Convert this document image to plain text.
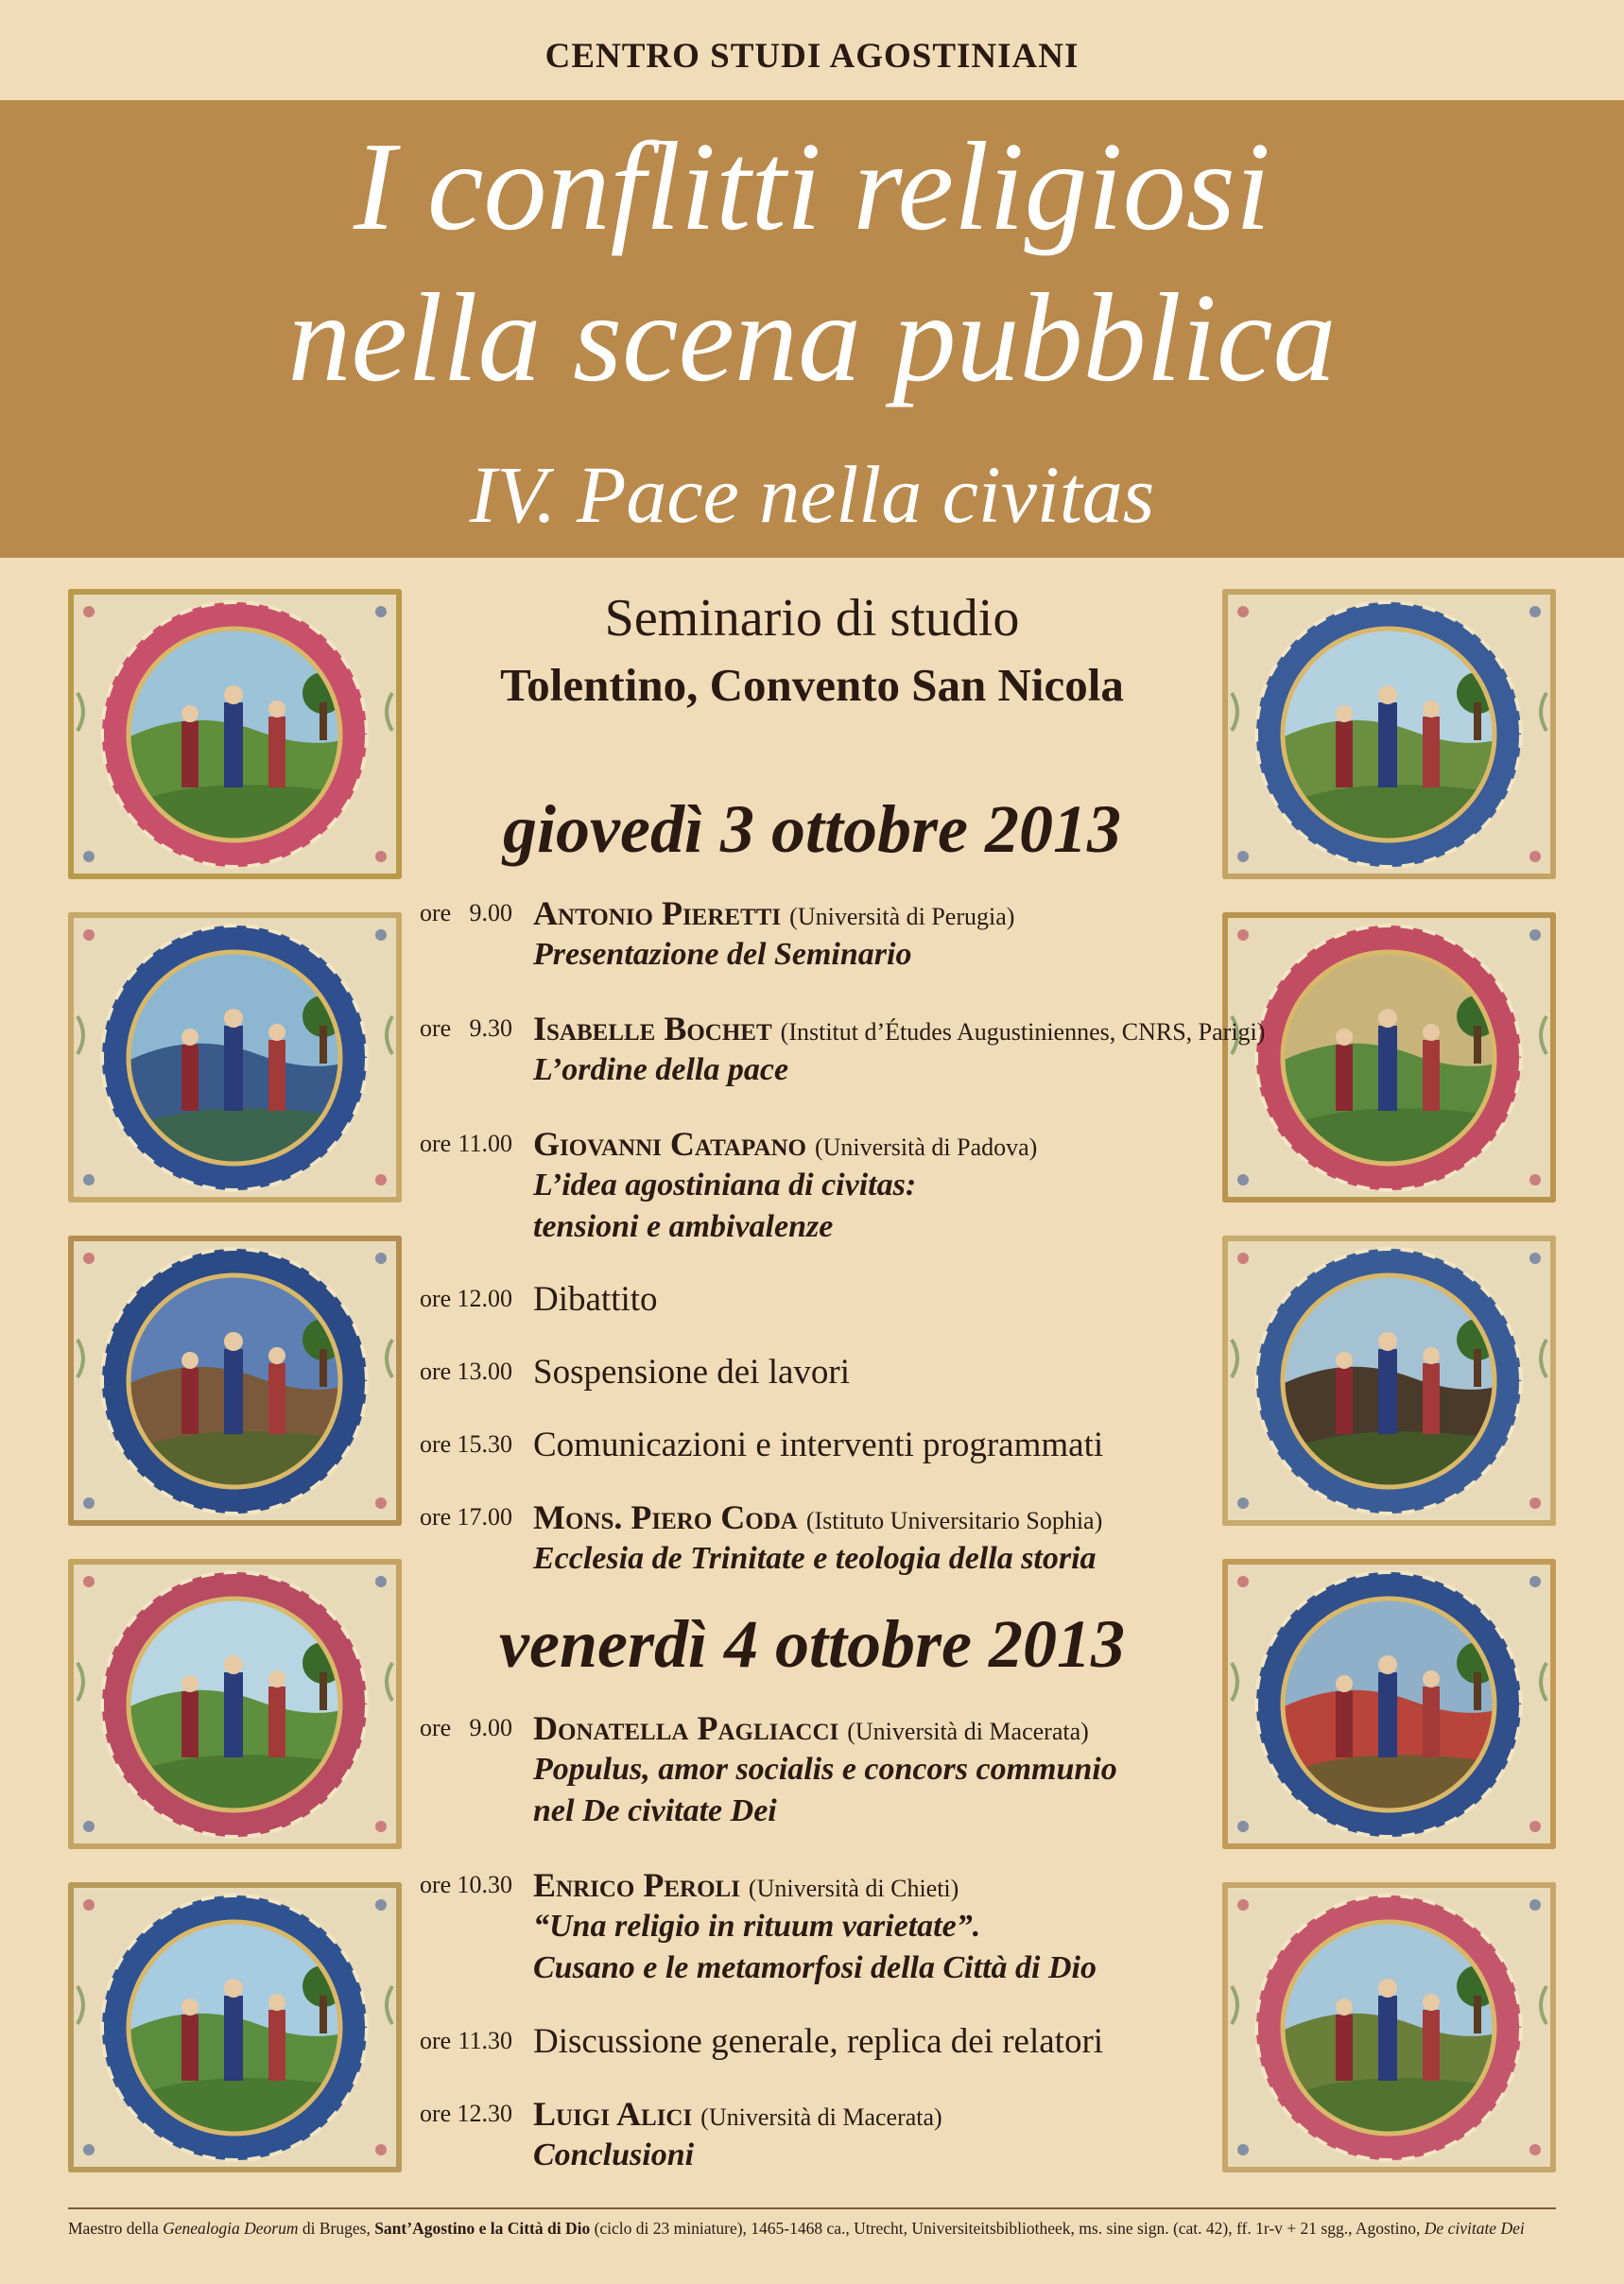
CENTRO STUDI AGOSTINIANI
I conflitti religiosi
nella scena pubblica
IV. Pace nella civitas
Seminario di studio
Tolentino, Convento San Nicola
giovedì 3 ottobre 2013
ore 9.00 Antonio Pieretti (Università di Perugia)
Presentazione del Seminario
ore 9.30 Isabelle Bochet (Institut d’Études Augustiniennes, CNRS, Parigi)
L’ordine della pace
ore 11.00 Giovanni Catapano (Università di Padova)
L’idea agostiniana di civitas:
tensioni e ambivalenze
ore 12.00 Dibattito
ore 13.00 Sospensione dei lavori
ore 15.30 Comunicazioni e interventi programmati
ore 17.00 Mons. Piero Coda (Istituto Universitario Sophia)
Ecclesia de Trinitate e teologia della storia
venerdì 4 ottobre 2013
ore 9.00 Donatella Pagliacci (Università di Macerata)
Populus, amor socialis e concors communio
nel De civitate Dei
ore 10.30 Enrico Peroli (Università di Chieti)
“Una religio in rituum varietate”.
Cusano e le metamorfosi della Città di Dio
ore 11.30 Discussione generale, replica dei relatori
ore 12.30 Luigi Alici (Università di Macerata)
Conclusioni
Maestro della Genealogia Deorum di Bruges, Sant’Agostino e la Città di Dio (ciclo di 23 miniature), 1465-1468 ca., Utrecht, Universiteitsbibliotheek, ms. sine sign. (cat. 42), ff. 1r-v + 21 sgg., Agostino, De civitate Dei
